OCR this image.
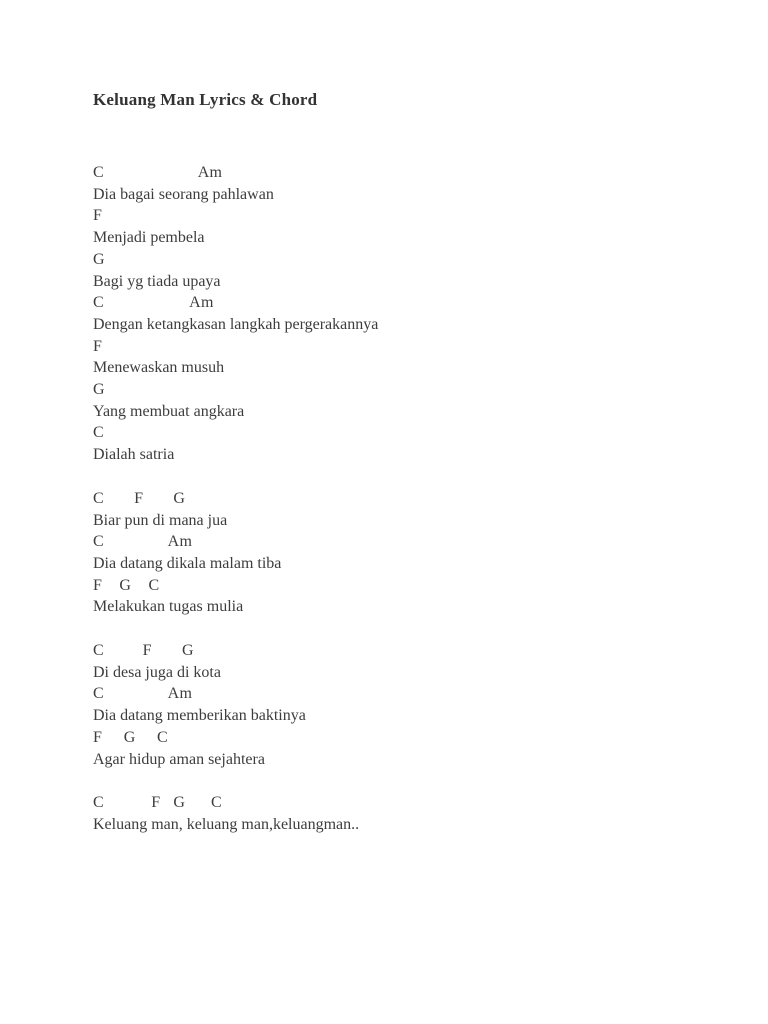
Keluang Man Lyrics & Chord
C                      Am
Dia bagai seorang pahlawan
F
Menjadi pembela
G
Bagi yg tiada upaya
C                    Am
Dengan ketangkasan langkah pergerakannya
F
Menewaskan musuh
G
Yang membuat angkara
C
Dialah satria
C       F       G
Biar pun di mana jua
C               Am
Dia datang dikala malam tiba
F    G    C
Melakukan tugas mulia
C         F       G
Di desa juga di kota
C               Am
Dia datang memberikan baktinya
F     G     C
Agar hidup aman sejahtera
C           F   G      C
Keluang man, keluang man,keluangman..
